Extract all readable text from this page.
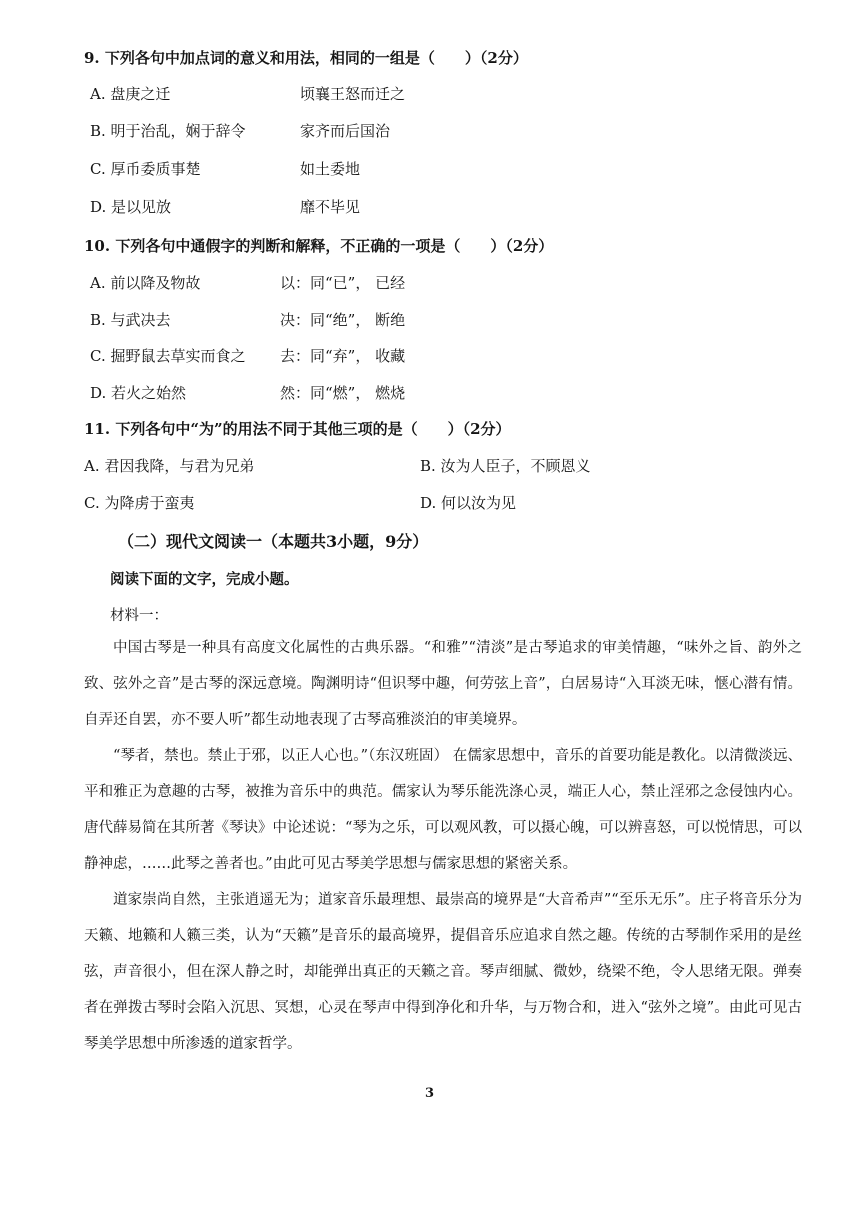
9. 下列各句中加点词的意义和用法，相同的一组是（　　）（2分）
A. 盘庚之迁	顷襄王怒而迁之
B. 明于治乱，娴于辞令	家齐而后国治
C. 厚币委质事楚	如土委地
D. 是以见放	靡不毕见
10. 下列各句中通假字的判断和解释，不正确的一项是（　　）（2分）
A. 前以降及物故	以：同“已”， 已经
B. 与武决去	决：同“绝”， 断绝
C. 掘野鼠去草实而食之 去：同“弃”， 收藏
D. 若火之始然	然：同“燃”， 燃烧
11. 下列各句中“为”的用法不同于其他三项的是（　　）（2分）
A. 君因我降，与君为兄弟	B. 汝为人臣子，不顾恩义
C. 为降虏于蛮夷	D. 何以汝为见
（二）现代文阅读一（本题共3小题，9分）
阅读下面的文字，完成小题。
材料一：

中国古琴是一种具有高度文化属性的古典乐器。“和雅”“清淡”是古琴追求的审美情趣，“味外之旨、韵外之致、弦外之音”是古琴的深远意境。陶渊明诗“但识琴中趣，何劳弦上音”，白居易诗“入耳淡无味，惬心潜有情。自弄还自罢，亦不要人听”都生动地表现了古琴高雅淡泊的审美境界。

“琴者，禁也。禁止于邪，以正人心也。”（东汉班固） 在儒家思想中，音乐的首要功能是教化。以清微淡远、平和雅正为意趣的古琴，被推为音乐中的典范。儒家认为琴乐能洗涤心灵，端正人心，禁止淫邪之念侵蚀内心。唐代薛易简在其所著《琴诀》中论述说：“琴为之乐，可以观风教，可以摄心魄，可以辨喜怒，可以悦情思，可以静神虑，……此琴之善者也。”由此可见古琴美学思想与儒家思想的紧密关系。

道家崇尚自然，主张逍遥无为；道家音乐最理想、最崇高的境界是“大音希声”“至乐无乐”。庄子将音乐分为天籁、地籁和人籁三类，认为“天籁”是音乐的最高境界，提倡音乐应追求自然之趣。传统的古琴制作采用的是丝弦，声音很小，但在深人静之时，却能弹出真正的天籁之音。琴声细腻、微妙，绕梁不绝，令人思绪无限。弹奏者在弹拨古琴时会陷入沉思、冥想，心灵在琴声中得到净化和升华，与万物合和，进入“弦外之境”。由此可见古琴美学思想中所渗透的道家哲学。

3
